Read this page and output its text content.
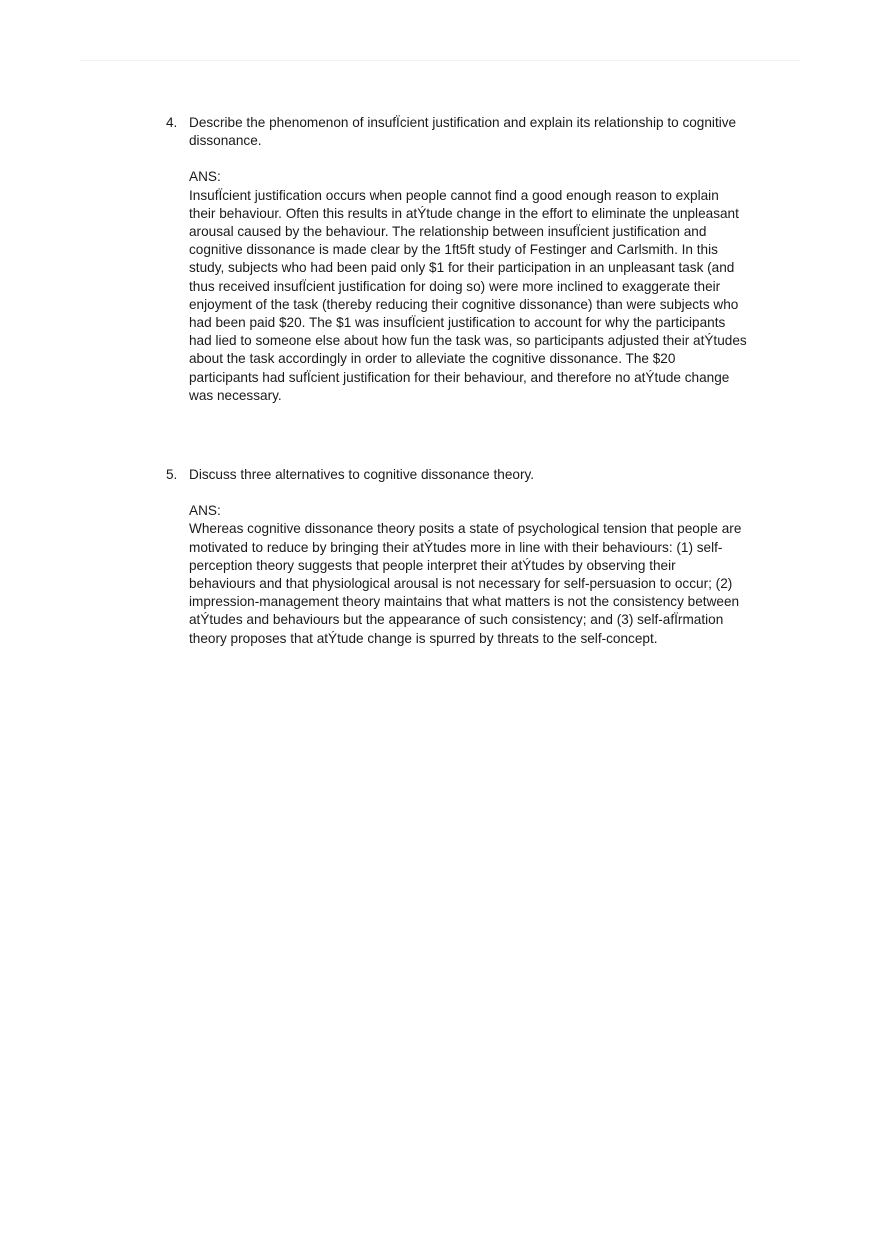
4. Describe the phenomenon of insufÏcient justification and explain its relationship to cognitive
dissonance.
ANS:
InsufÏcient justification occurs when people cannot find a good enough reason to explain
their behaviour. Often this results in atÝtude change in the effort to eliminate the unpleasant
arousal caused by the behaviour. The relationship between insufÏcient justification and
cognitive dissonance is made clear by the 1ft5ft study of Festinger and Carlsmith. In this
study, subjects who had been paid only $1 for their participation in an unpleasant task (and
thus received insufÏcient justification for doing so) were more inclined to exaggerate their
enjoyment of the task (thereby reducing their cognitive dissonance) than were subjects who
had been paid $20. The $1 was insufÏcient justification to account for why the participants
had lied to someone else about how fun the task was, so participants adjusted their atÝtudes
about the task accordingly in order to alleviate the cognitive dissonance. The $20
participants had sufÏcient justification for their behaviour, and therefore no atÝtude change
was necessary.
5. Discuss three alternatives to cognitive dissonance theory.
ANS:
Whereas cognitive dissonance theory posits a state of psychological tension that people are
motivated to reduce by bringing their atÝtudes more in line with their behaviours: (1) self-
perception theory suggests that people interpret their atÝtudes by observing their
behaviours and that physiological arousal is not necessary for self-persuasion to occur; (2)
impression-management theory maintains that what matters is not the consistency between
atÝtudes and behaviours but the appearance of such consistency; and (3) self-afÏrmation
theory proposes that atÝtude change is spurred by threats to the self-concept.
